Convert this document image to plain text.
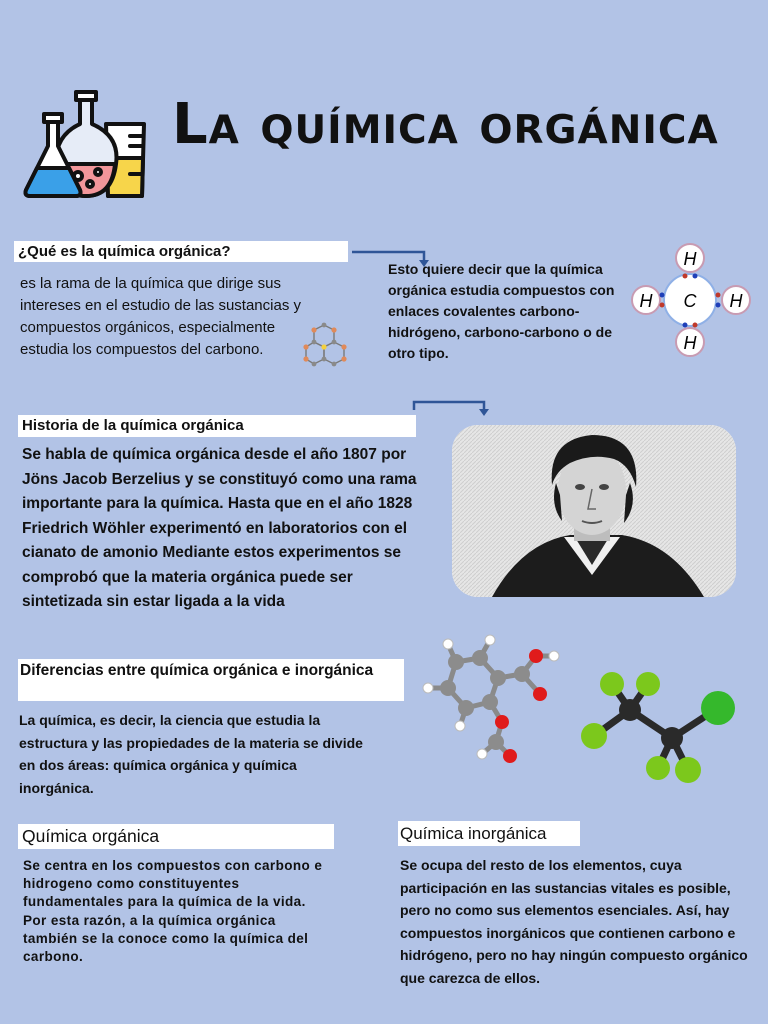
La química orgánica
¿Qué es la química orgánica?
es la rama de la química que dirige sus intereses en el estudio de las sustancias y compuestos orgánicos, especialmente estudia los compuestos del carbono.
Esto quiere decir que la química orgánica estudia compuestos con enlaces covalentes carbono-hidrógeno, carbono-carbono o de otro tipo.
C
H
H
H	H
Historia de la química orgánica
Se habla de química orgánica desde el año 1807 por Jöns Jacob Berzelius y se constituyó como una rama importante para la química. Hasta que en el año 1828 Friedrich Wöhler experimentó en laboratorios con el cianato de amonio Mediante estos experimentos se comprobó que la materia orgánica puede ser sintetizada sin estar ligada a la vida
Diferencias entre química orgánica e inorgánica
La química, es decir, la ciencia que estudia la estructura y las propiedades de la materia se divide en dos áreas: química orgánica y química inorgánica.
Química orgánica
Se centra en los compuestos con carbono e hidrogeno como constituyentes fundamentales para la química de la vida. Por esta razón, a la química orgánica también se la conoce como la química del carbono.
Química inorgánica
Se ocupa del resto de los elementos, cuya participación en las sustancias vitales es posible, pero no como sus elementos esenciales. Así, hay compuestos inorgánicos que contienen carbono e hidrógeno, pero no hay ningún compuesto orgánico que carezca de ellos.
